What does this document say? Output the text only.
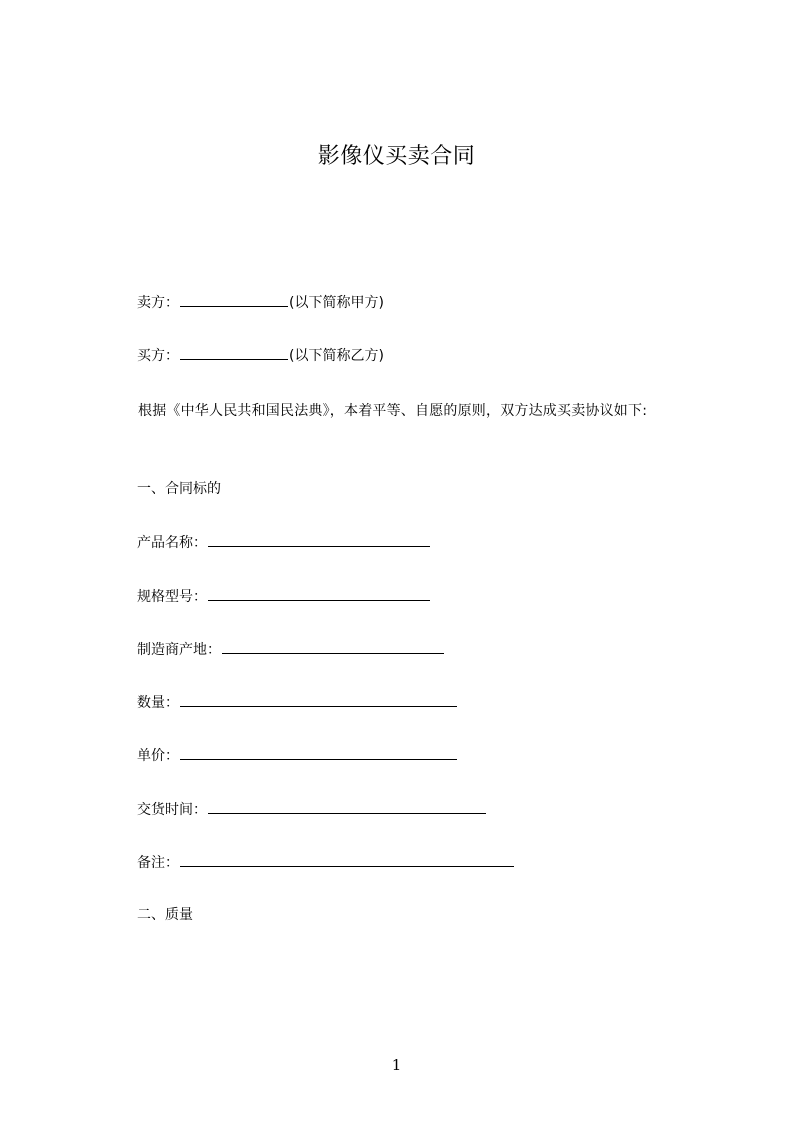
影像仪买卖合同
卖方：	(以下简称甲方)
买方：	(以下简称乙方)
根据《中华人民共和国民法典》，本着平等、自愿的原则，双方达成买卖协议如下:
一、合同标的
产品名称：
规格型号：
制造商产地：
数量：
单价：
交货时间：
备注：
二、质量
1
